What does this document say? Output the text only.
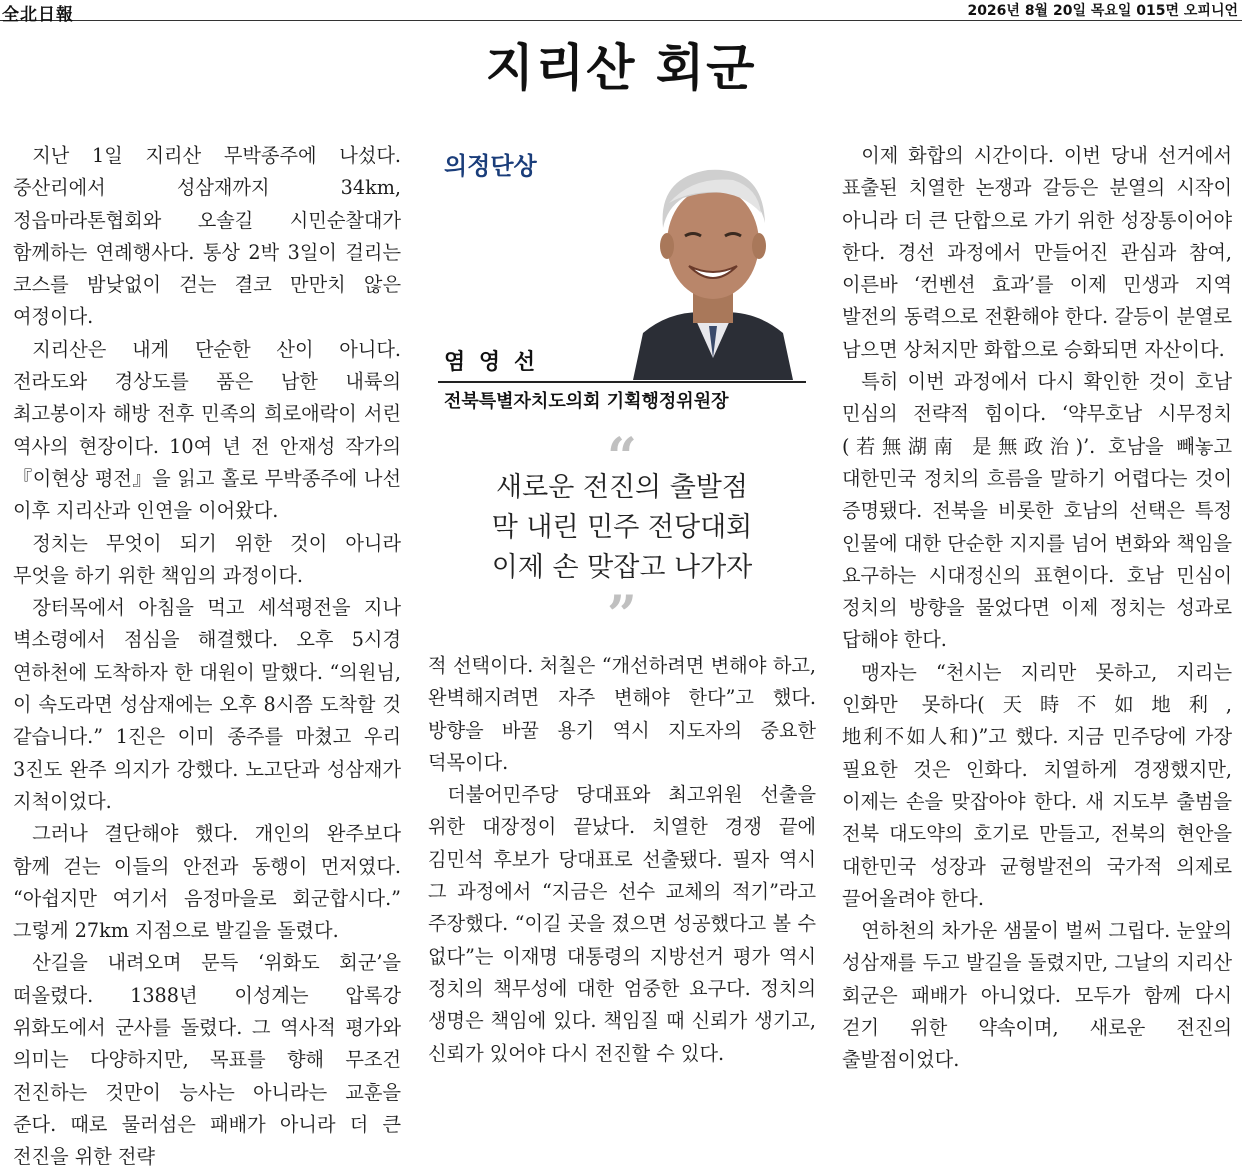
全北日報	2026년 8월 20일 목요일 015면 오피니언
지리산 회군

지난 1일 지리산 무박종주에 나섰다. 중산리에서 성삼재까지 34km, 정읍마라톤협회와 오솔길 시민순찰대가 함께하는 연례행사다. 통상 2박 3일이 걸리는 코스를 밤낮없이 걷는 결코 만만치 않은 여정이다.

지리산은 내게 단순한 산이 아니다. 전라도와 경상도를 품은 남한 내륙의 최고봉이자 해방 전후 민족의 희로애락이 서린 역사의 현장이다. 10여 년 전 안재성 작가의 『이현상 평전』을 읽고 홀로 무박종주에 나선 이후 지리산과 인연을 이어왔다.

정치는 무엇이 되기 위한 것이 아니라 무엇을 하기 위한 책임의 과정이다.

장터목에서 아침을 먹고 세석평전을 지나 벽소령에서 점심을 해결했다. 오후 5시경 연하천에 도착하자 한 대원이 말했다. “의원님, 이 속도라면 성삼재에는 오후 8시쯤 도착할 것 같습니다.” 1진은 이미 종주를 마쳤고 우리 3진도 완주 의지가 강했다. 노고단과 성삼재가 지척이었다.

그러나 결단해야 했다. 개인의 완주보다 함께 걷는 이들의 안전과 동행이 먼저였다. “아쉽지만 여기서 음정마을로 회군합시다.” 그렇게 27km 지점으로 발길을 돌렸다.

산길을 내려오며 문득 ‘위화도 회군’을 떠올렸다. 1388년 이성계는 압록강 위화도에서 군사를 돌렸다. 그 역사적 평가와 의미는 다양하지만, 목표를 향해 무조건 전진하는 것만이 능사는 아니라는 교훈을 준다. 때로 물러섬은 패배가 아니라 더 큰 전진을 위한 전략

의정단상
염 영 선
전북특별자치도의회 기획행정위원장
“
새로운 전진의 출발점
막 내린 민주 전당대회
이제 손 맞잡고 나가자
”

적 선택이다. 처칠은 “개선하려면 변해야 하고, 완벽해지려면 자주 변해야 한다”고 했다. 방향을 바꿀 용기 역시 지도자의 중요한 덕목이다.

더불어민주당 당대표와 최고위원 선출을 위한 대장정이 끝났다. 치열한 경쟁 끝에 김민석 후보가 당대표로 선출됐다. 필자 역시 그 과정에서 “지금은 선수 교체의 적기”라고 주장했다. “이길 곳을 졌으면 성공했다고 볼 수 없다”는 이재명 대통령의 지방선거 평가 역시 정치의 책무성에 대한 엄중한 요구다. 정치의 생명은 책임에 있다. 책임질 때 신뢰가 생기고, 신뢰가 있어야 다시 전진할 수 있다.

이제 화합의 시간이다. 이번 당내 선거에서 표출된 치열한 논쟁과 갈등은 분열의 시작이 아니라 더 큰 단합으로 가기 위한 성장통이어야 한다. 경선 과정에서 만들어진 관심과 참여, 이른바 ‘컨벤션 효과’를 이제 민생과 지역 발전의 동력으로 전환해야 한다. 갈등이 분열로 남으면 상처지만 화합으로 승화되면 자산이다.

특히 이번 과정에서 다시 확인한 것이 호남 민심의 전략적 힘이다. ‘약무호남 시무정치(若無湖南 是無政治)’. 호남을 빼놓고 대한민국 정치의 흐름을 말하기 어렵다는 것이 증명됐다. 전북을 비롯한 호남의 선택은 특정 인물에 대한 단순한 지지를 넘어 변화와 책임을 요구하는 시대정신의 표현이다. 호남 민심이 정치의 방향을 물었다면 이제 정치는 성과로 답해야 한다.

맹자는 “천시는 지리만 못하고, 지리는 인화만 못하다(天時不如地利, 地利不如人和)”고 했다. 지금 민주당에 가장 필요한 것은 인화다. 치열하게 경쟁했지만, 이제는 손을 맞잡아야 한다. 새 지도부 출범을 전북 대도약의 호기로 만들고, 전북의 현안을 대한민국 성장과 균형발전의 국가적 의제로 끌어올려야 한다.

연하천의 차가운 샘물이 벌써 그립다. 눈앞의 성삼재를 두고 발길을 돌렸지만, 그날의 지리산 회군은 패배가 아니었다. 모두가 함께 다시 걷기 위한 약속이며, 새로운 전진의 출발점이었다.
